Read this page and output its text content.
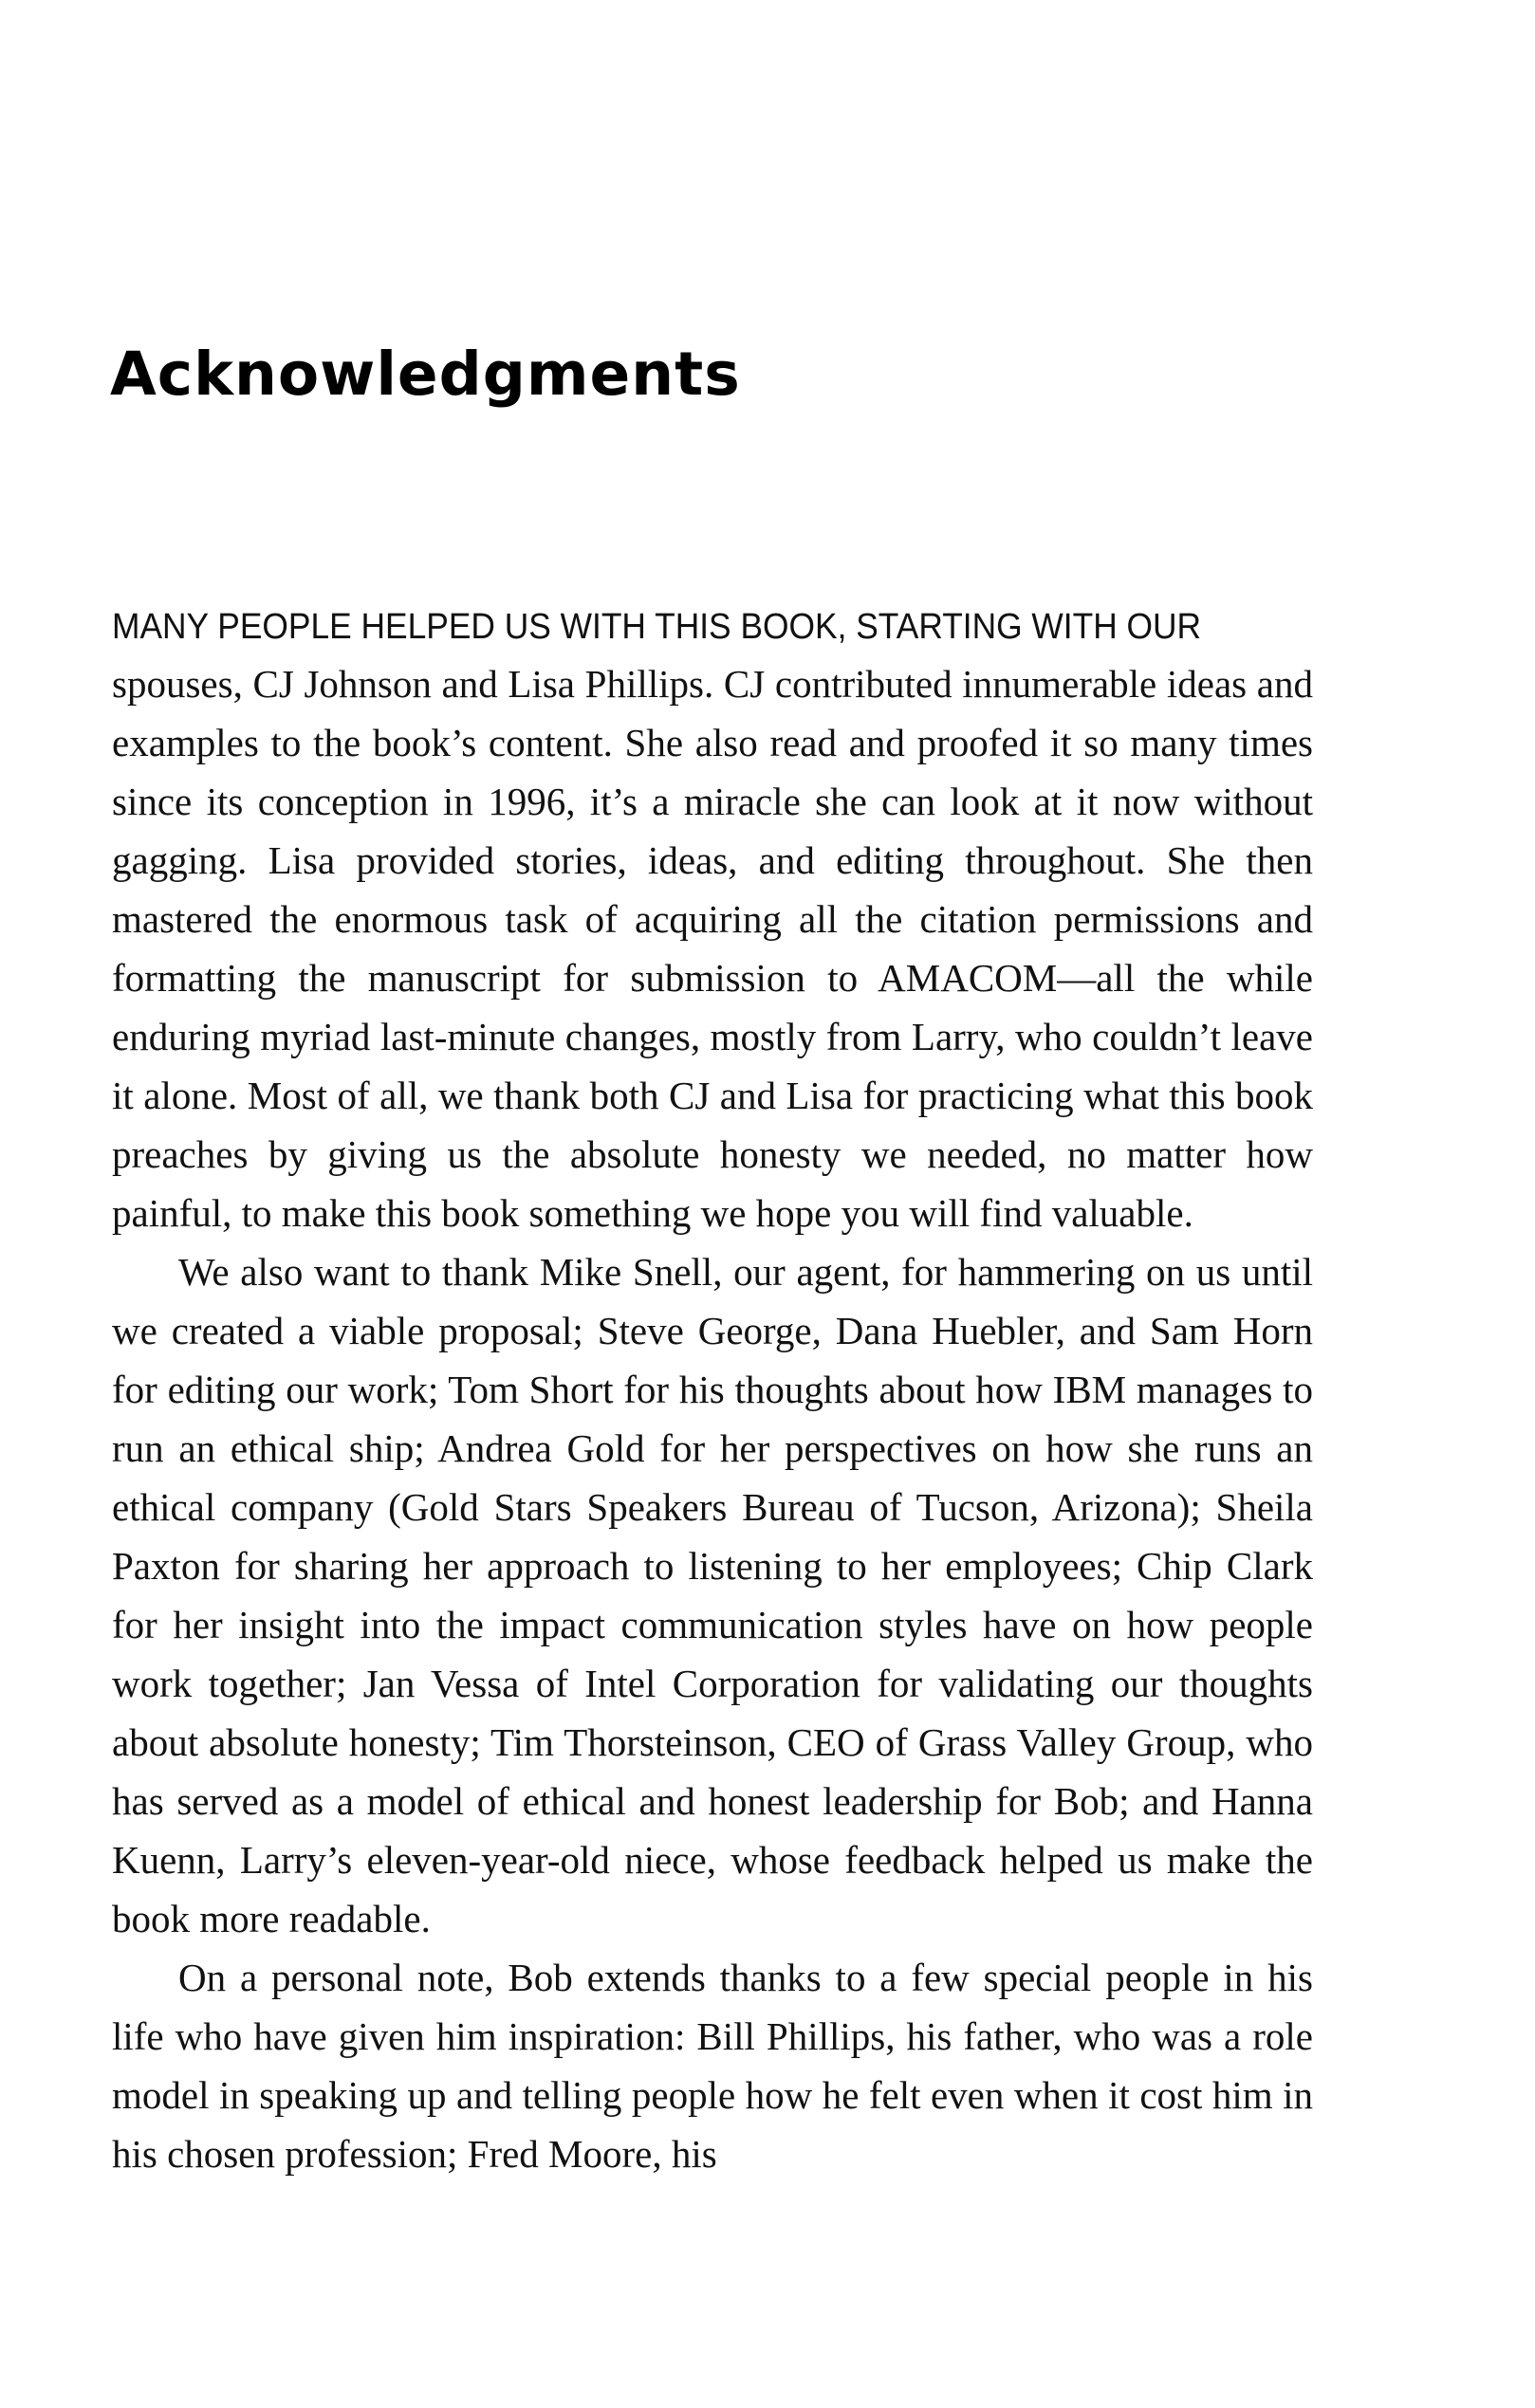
Acknowledgments
MANY PEOPLE HELPED US WITH THIS BOOK, STARTING WITH OUR

spouses, CJ Johnson and Lisa Phillips. CJ contributed innumerable ideas and examples to the book’s content. She also read and proofed it so many times since its conception in 1996, it’s a miracle she can look at it now without gagging. Lisa provided stories, ideas, and editing throughout. She then mastered the enormous task of acquiring all the citation permissions and formatting the manuscript for submission to AMACOM—all the while enduring myriad last-minute changes, mostly from Larry, who couldn’t leave it alone. Most of all, we thank both CJ and Lisa for practicing what this book preaches by giving us the absolute honesty we needed, no matter how painful, to make this book something we hope you will find valuable.

We also want to thank Mike Snell, our agent, for hammering on us until we created a viable proposal; Steve George, Dana Huebler, and Sam Horn for editing our work; Tom Short for his thoughts about how IBM manages to run an ethical ship; Andrea Gold for her perspectives on how she runs an ethical company (Gold Stars Speakers Bureau of Tucson, Arizona); Sheila Paxton for sharing her approach to listening to her employees; Chip Clark for her insight into the impact communication styles have on how people work together; Jan Vessa of Intel Corporation for validating our thoughts about absolute honesty; Tim Thorsteinson, CEO of Grass Valley Group, who has served as a model of ethical and honest leadership for Bob; and Hanna Kuenn, Larry’s eleven-year-old niece, whose feedback helped us make the book more readable.

On a personal note, Bob extends thanks to a few special people in his life who have given him inspiration: Bill Phillips, his father, who was a role model in speaking up and telling people how he felt even when it cost him in his chosen profession; Fred Moore, his
